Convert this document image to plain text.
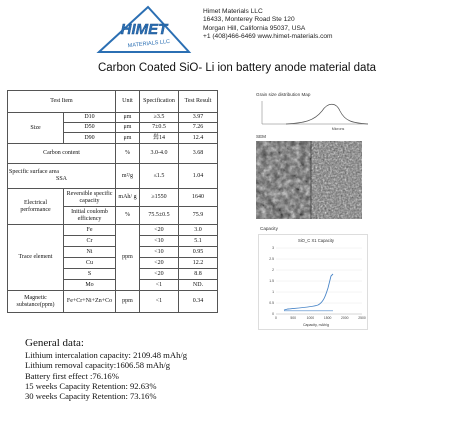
HIMET
MATERIALS LLC
Himet Materials LLC
16433, Monterey Road Ste 120
Morgan Hill, California 95037, USA
+1 (408)466-6469 www.himet-materials.com
Carbon Coated SiO- Li ion battery anode material data
Test Item		Unit	Specification	Test Result
Size	D10	μm	≥3.5	3.97
	D50	μm	7±0.5	7.26
	D90	μm	䯵14	12.4
Carbon content		%	3.0-4.0	3.68

Specific surface area
SSA		m²/g	≤1.5	1.04
Electrical performance	Reversible specific capacity	mAh/ g	≥1550	1640
	Initial coulomb efficiency	%	75.5±0.5	75.9
Trace element	Fe	ppm	<20	3.0
	Cr		<10	5.1
	Ni		<10	0.95
	Cu		<20	12.2
	S		<20	8.8
	Mo		<1	ND.
Magnetic substance(ppm)	Fe+Cr+Ni+Zn+Co	ppm	<1	0.34
Grain size distribution Map
Microns
SEM
Capacity
SiO_C X1 Capacity
0
0.5
1
1.5
2
2.5
3
0	500	1000	1500	2000	2500
Capacity, mAh/g
General data:
Lithium intercalation capacity: 2109.48 mAh/g
Lithium removal capacity:1606.58 mAh/g
Battery first effect :76.16%
15 weeks Capacity Retention: 92.63%
30 weeks Capacity Retention: 73.16%
